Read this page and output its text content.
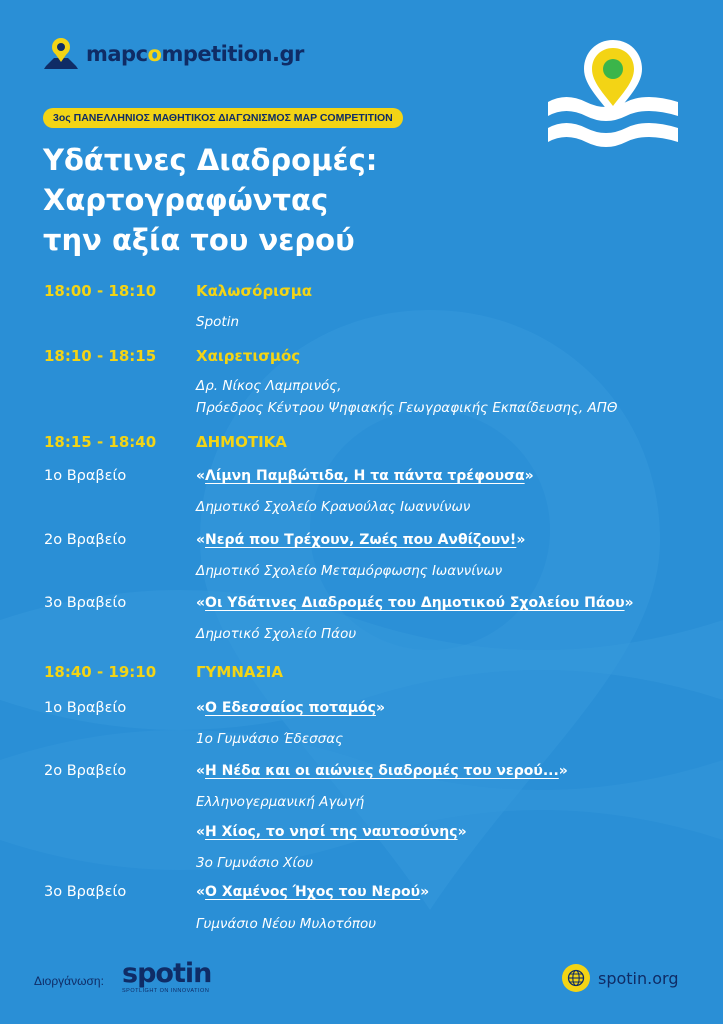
mapcompetition.gr
3ος ΠΑΝΕΛΛΗΝΙΟΣ ΜΑΘΗΤΙΚΟΣ ΔΙΑΓΩΝΙΣΜΟΣ MAP COMPETITION
Υδάτινες Διαδρομές:
Χαρτογραφώντας
την αξία του νερού
18:00 - 18:10	Καλωσόρισμα
Spotin
18:10 - 18:15	Χαιρετισμός
Δρ. Νίκος Λαμπρινός,
Πρόεδρος Κέντρου Ψηφιακής Γεωγραφικής Εκπαίδευσης, ΑΠΘ
18:15 - 18:40	ΔΗΜΟΤΙΚΑ
1ο Βραβείο	«Λίμνη Παμβώτιδα, Η τα πάντα τρέφουσα»
Δημοτικό Σχολείο Κρανούλας Ιωαννίνων
2ο Βραβείο	«Νερά που Τρέχουν, Ζωές που Ανθίζουν!»
Δημοτικό Σχολείο Μεταμόρφωσης Ιωαννίνων
3ο Βραβείο	«Οι Υδάτινες Διαδρομές του Δημοτικού Σχολείου Πάου»
Δημοτικό Σχολείο Πάου
18:40 - 19:10	ΓΥΜΝΑΣΙΑ
1ο Βραβείο	«Ο Εδεσσαίος ποταμός»
1ο Γυμνάσιο Έδεσσας
2ο Βραβείο	«Η Νέδα και οι αιώνιες διαδρομές του νερού...»
Ελληνογερμανική Αγωγή
«Η Χίος, το νησί της ναυτοσύνης»
3ο Γυμνάσιο Χίου
3ο Βραβείο	«Ο Χαμένος Ήχος του Νερού»
Γυμνάσιο Νέου Μυλοτόπου
Διοργάνωση: spotin
SPOTLIGHT ON INNOVATION
spotin.org
